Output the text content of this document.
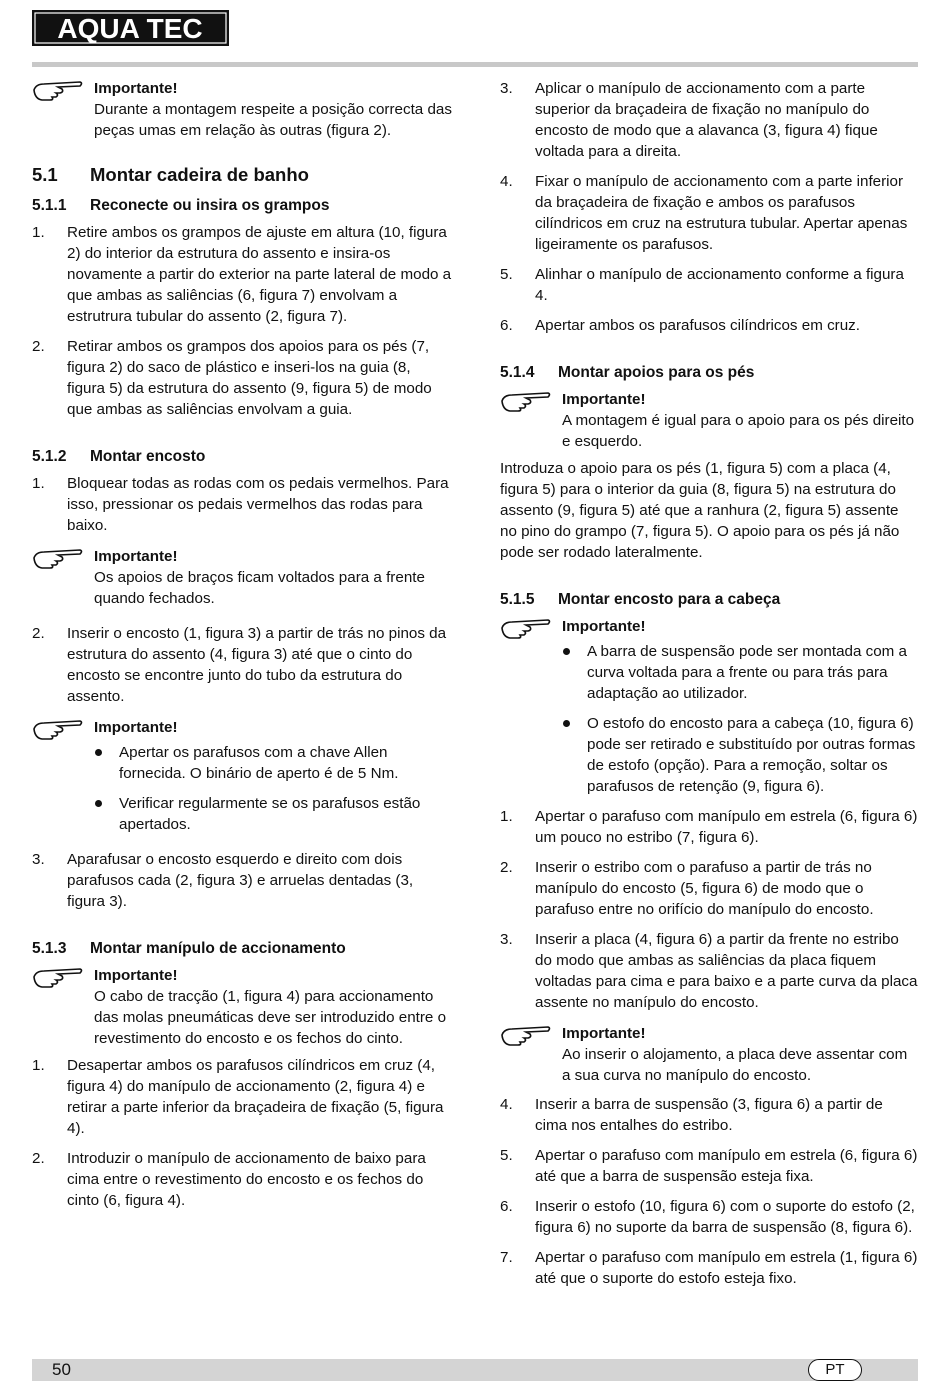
AQUA TEC
Importante!

Durante a montagem respeite a posição correcta das peças umas em relação às outras (figura 2).

5.1 Montar cadeira de banho
5.1.1 Reconecte ou insira os grampos
1. Retire ambos os grampos de ajuste em altura (10, figura 2) do interior da estrutura do assento e insira-os novamente a partir do exterior na parte lateral de modo a que ambas as saliências (6, figura 7) envolvam a estrutrura tubular do assento (2, figura 7).
2. Retirar ambos os grampos dos apoios para os pés (7, figura 2) do saco de plástico e inseri-los na guia (8, figura 5) da estrutura do assento (9, figura 5) de modo que ambas as saliências envolvam a guia.
5.1.2 Montar encosto
1. Bloquear todas as rodas com os pedais vermelhos. Para isso, pressionar os pedais vermelhos das rodas para baixo.
Importante!

Os apoios de braços ficam voltados para a frente quando fechados.

2. Inserir o encosto (1, figura 3) a partir de trás no pinos da estrutura do assento (4, figura 3) até que o cinto do encosto se encontre junto do tubo da estrutura do assento.
Importante!
Apertar os parafusos com a chave Allen fornecida. O binário de aperto é de 5 Nm.
Verificar regularmente se os parafusos estão apertados.
3. Aparafusar o encosto esquerdo e direito com dois parafusos cada (2, figura 3) e arruelas dentadas (3, figura 3).
5.1.3 Montar manípulo de accionamento
Importante!

O cabo de tracção (1, figura 4) para accionamento das molas pneumáticas deve ser introduzido entre o revestimento do encosto e os fechos do cinto.

1. Desapertar ambos os parafusos cilíndricos em cruz (4, figura 4) do manípulo de accionamento (2, figura 4) e retirar a parte inferior da braçadeira de fixação (5, figura 4).
2. Introduzir o manípulo de accionamento de baixo para cima entre o revestimento do encosto e os fechos do cinto (6, figura 4).
3. Aplicar o manípulo de accionamento com a parte superior da braçadeira de fixação no manípulo do encosto de modo que a alavanca (3, figura 4) fique voltada para a direita.
4. Fixar o manípulo de accionamento com a parte inferior da braçadeira de fixação e ambos os parafusos cilíndricos em cruz na estrutura tubular. Apertar apenas ligeiramente os parafusos.
5. Alinhar o manípulo de accionamento conforme a figura 4.
6. Apertar ambos os parafusos cilíndricos em cruz.
5.1.4 Montar apoios para os pés
Importante!

A montagem é igual para o apoio para os pés direito e esquerdo.

Introduza o apoio para os pés (1, figura 5) com a placa (4, figura 5) para o interior da guia (8, figura 5) na estrutura do assento (9, figura 5) até que a ranhura (2, figura 5) assente no pino do grampo (7, figura 5). O apoio para os pés já não pode ser rodado lateralmente.

5.1.5 Montar encosto para a cabeça
Importante!
A barra de suspensão pode ser montada com a curva voltada para a frente ou para trás para adaptação ao utilizador.
O estofo do encosto para a cabeça (10, figura 6) pode ser retirado e substituído por outras formas de estofo (opção). Para a remoção, soltar os parafusos de retenção (9, figura 6).
1. Apertar o parafuso com manípulo em estrela (6, figura 6) um pouco no estribo (7, figura 6).
2. Inserir o estribo com o parafuso a partir de trás no manípulo do encosto (5, figura 6) de modo que o parafuso entre no orifício do manípulo do encosto.
3. Inserir a placa (4, figura 6) a partir da frente no estribo do modo que ambas as saliências da placa fiquem voltadas para cima e para baixo e a parte curva da placa assente no manípulo do encosto.
Importante!

Ao inserir o alojamento, a placa deve assentar com a sua curva no manípulo do encosto.

4. Inserir a barra de suspensão (3, figura 6) a partir de cima nos entalhes do estribo.
5. Apertar o parafuso com manípulo em estrela (6, figura 6) até que a barra de suspensão esteja fixa.
6. Inserir o estofo (10, figura 6) com o suporte do estofo (2, figura 6) no suporte da barra de suspensão (8, figura 6).
7. Apertar o parafuso com manípulo em estrela (1, figura 6) até que o suporte do estofo esteja fixo.
50	PT
